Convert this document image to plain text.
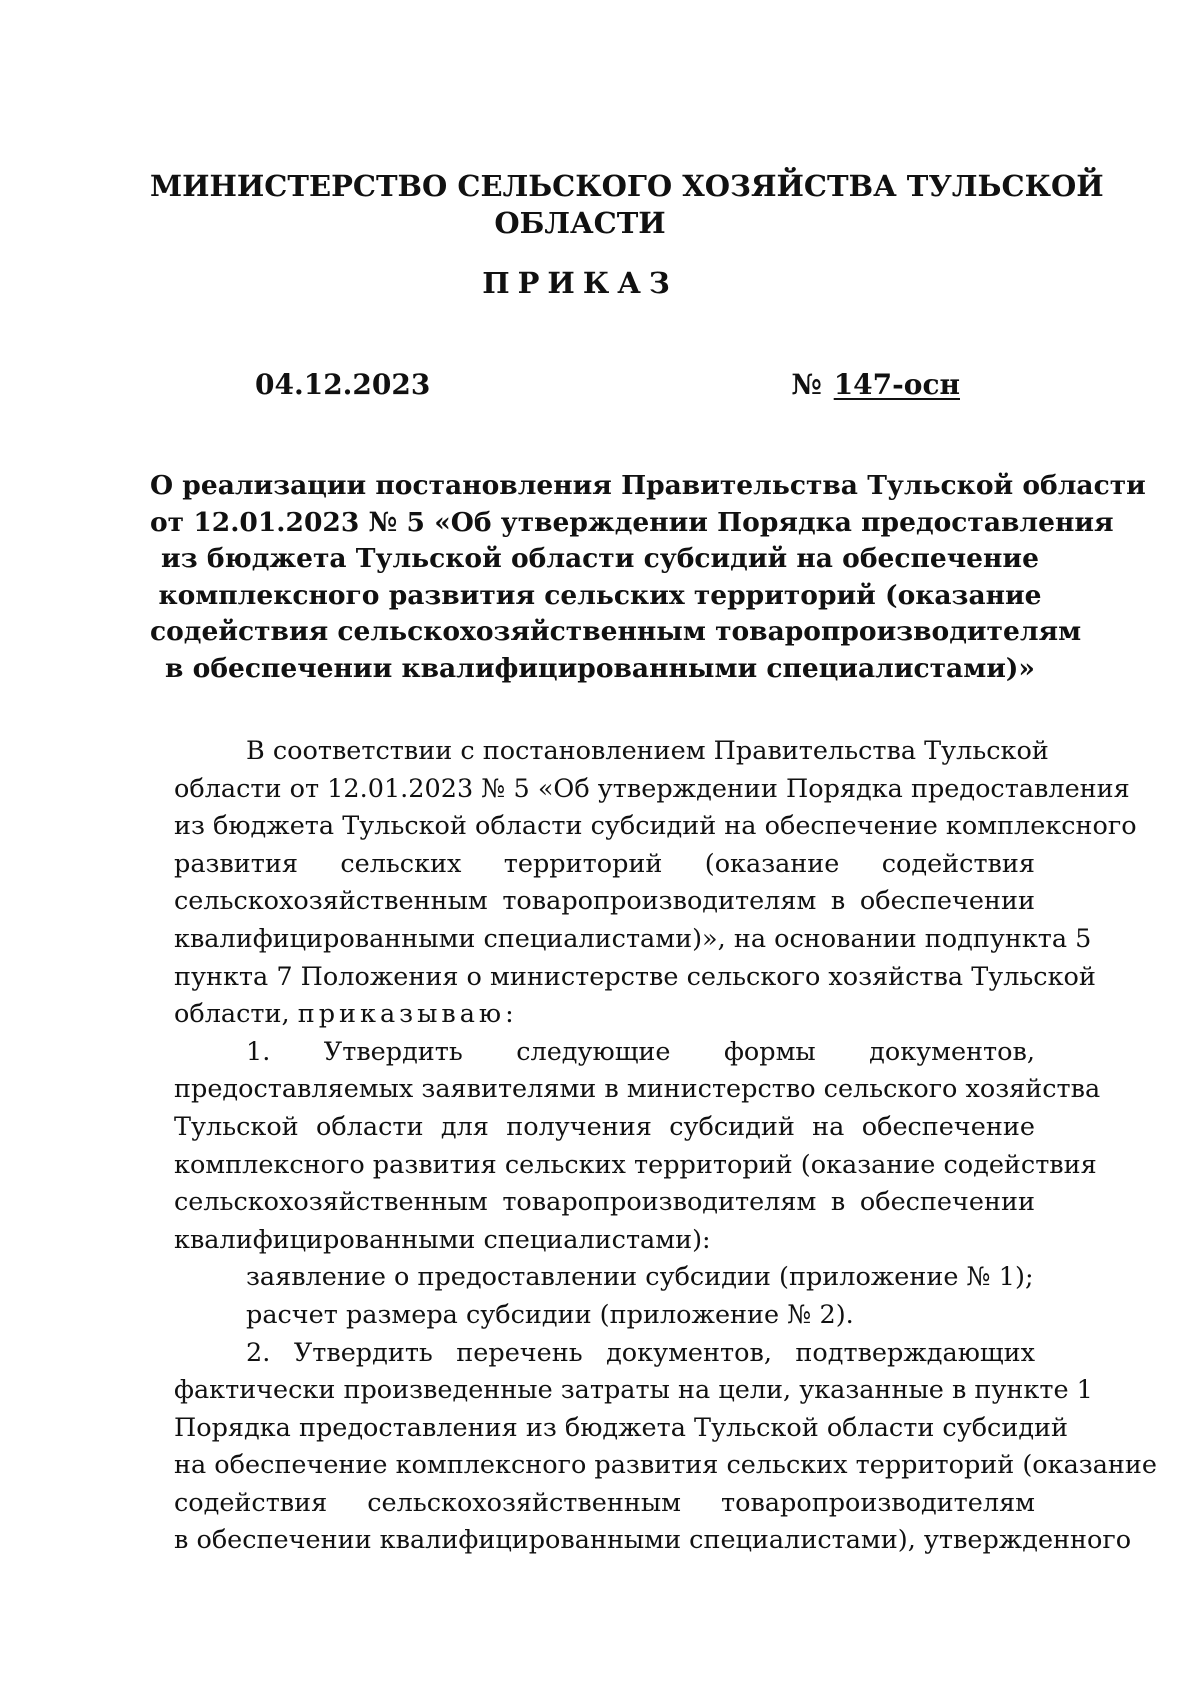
МИНИСТЕРСТВО СЕЛЬСКОГО ХОЗЯЙСТВА ТУЛЬСКОЙ
ОБЛАСТИ
ПРИКАЗ
04.12.2023	№ 147-осн
О реализации постановления Правительства Тульской области
от 12.01.2023 № 5 «Об утверждении Порядка предоставления
из бюджета Тульской области субсидий на обеспечение
комплексного развития сельских территорий (оказание
содействия сельскохозяйственным товаропроизводителям
в обеспечении квалифицированными специалистами)»
В соответствии с постановлением Правительства Тульской
области от 12.01.2023 № 5 «Об утверждении Порядка предоставления
из бюджета Тульской области субсидий на обеспечение комплексного
развития сельских территорий (оказание содействия
сельскохозяйственным товаропроизводителям в обеспечении
квалифицированными специалистами)», на основании подпункта 5
пункта 7 Положения о министерстве сельского хозяйства Тульской
области, приказываю:
1. Утвердить следующие формы документов,
предоставляемых заявителями в министерство сельского хозяйства
Тульской области для получения субсидий на обеспечение
комплексного развития сельских территорий (оказание содействия
сельскохозяйственным товаропроизводителям в обеспечении
квалифицированными специалистами):
заявление о предоставлении субсидии (приложение № 1);
расчет размера субсидии (приложение № 2).
2. Утвердить перечень документов, подтверждающих
фактически произведенные затраты на цели, указанные в пункте 1
Порядка предоставления из бюджета Тульской области субсидий
на обеспечение комплексного развития сельских территорий (оказание
содействия сельскохозяйственным товаропроизводителям
в обеспечении квалифицированными специалистами), утвержденного
